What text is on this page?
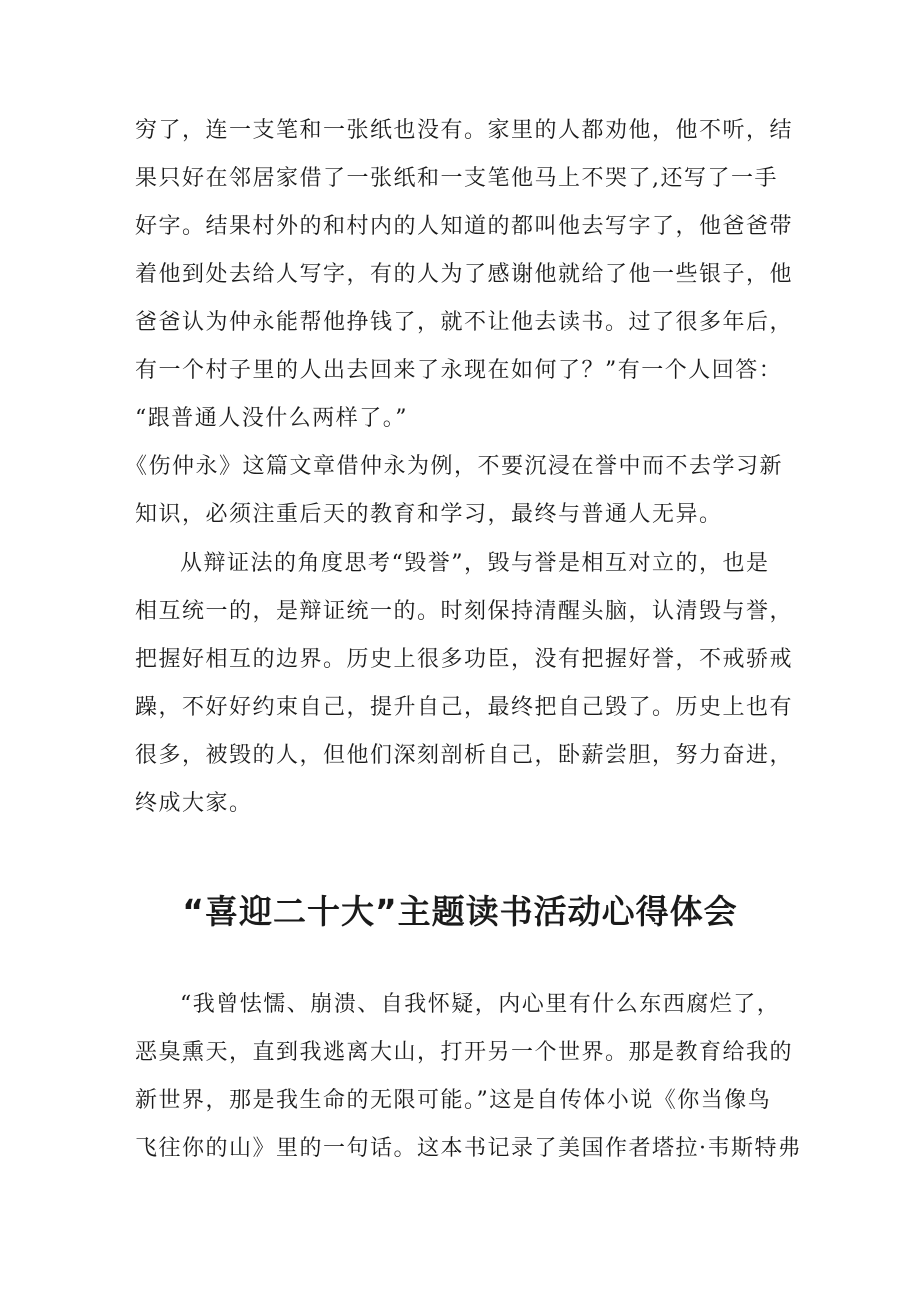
穷了，连一支笔和一张纸也没有。家里的人都劝他，他不听，结
果只好在邻居家借了一张纸和一支笔他马上不哭了,还写了一手
好字。结果村外的和村内的人知道的都叫他去写字了，他爸爸带
着他到处去给人写字，有的人为了感谢他就给了他一些银子，他
爸爸认为仲永能帮他挣钱了，就不让他去读书。过了很多年后，
有一个村子里的人出去回来了永现在如何了？”有一个人回答：
“跟普通人没什么两样了。”
《伤仲永》这篇文章借仲永为例，不要沉浸在誉中而不去学习新
知识，必须注重后天的教育和学习，最终与普通人无异。
从辩证法的角度思考“毁誉”，毁与誉是相互对立的，也是
相互统一的，是辩证统一的。时刻保持清醒头脑，认清毁与誉，
把握好相互的边界。历史上很多功臣，没有把握好誉，不戒骄戒
躁，不好好约束自己，提升自己，最终把自己毁了。历史上也有
很多，被毁的人，但他们深刻剖析自己，卧薪尝胆，努力奋进，
终成大家。
“喜迎二十大”主题读书活动心得体会
“我曾怯懦、崩溃、自我怀疑，内心里有什么东西腐烂了，
恶臭熏天，直到我逃离大山，打开另一个世界。那是教育给我的
新世界，那是我生命的无限可能。”这是自传体小说《你当像鸟
飞往你的山》里的一句话。这本书记录了美国作者塔拉·韦斯特弗
